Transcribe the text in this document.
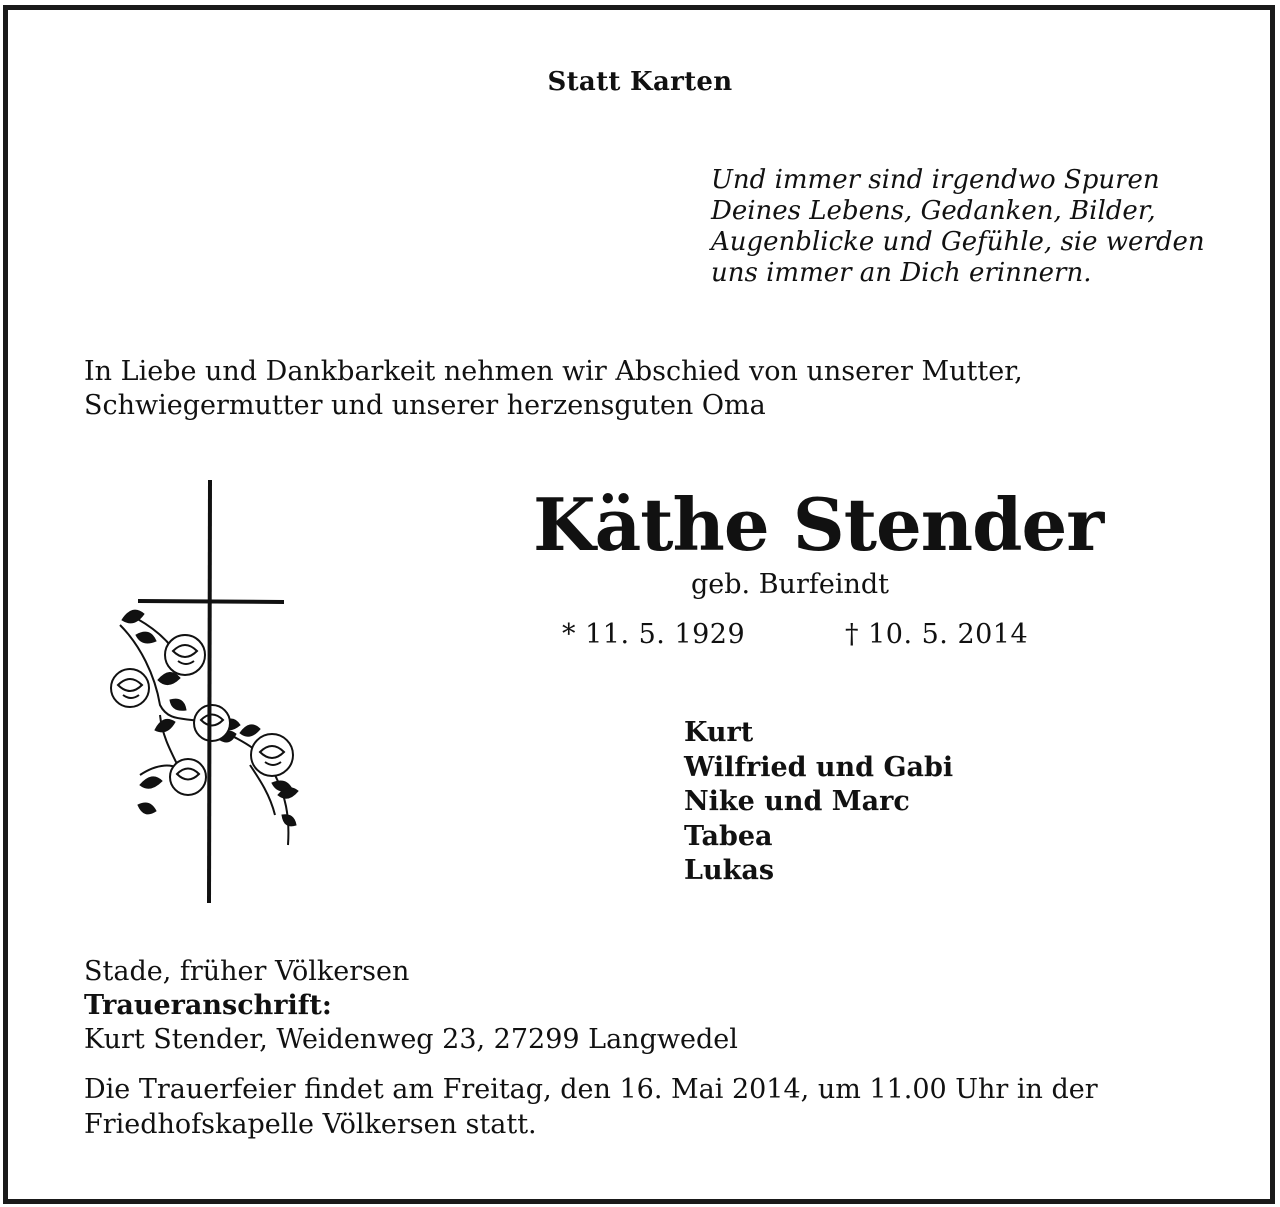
Statt Karten
Und immer sind irgendwo Spuren
Deines Lebens, Gedanken, Bilder,
Augenblicke und Gefühle, sie werden
uns immer an Dich erinnern.
In Liebe und Dankbarkeit nehmen wir Abschied von unserer Mutter,
Schwiegermutter und unserer herzensguten Oma
Käthe Stender
geb. Burfeindt
* 11. 5. 1929	† 10. 5. 2014
Kurt
Wilfried und Gabi
Nike und Marc
Tabea
Lukas
Stade, früher Völkersen
Traueranschrift:
Kurt Stender, Weidenweg 23, 27299 Langwedel
Die Trauerfeier findet am Freitag, den 16. Mai 2014, um 11.00 Uhr in der
Friedhofskapelle Völkersen statt.
